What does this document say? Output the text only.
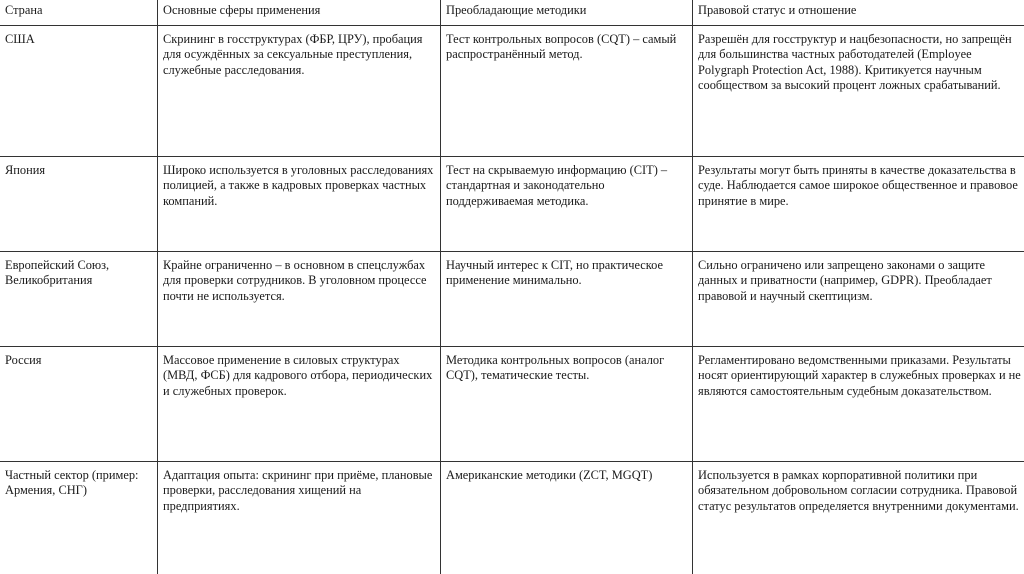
Страна	Основные сферы применения	Преобладающие методики	Правовой статус и отношение
США	Скрининг в госструктурах (ФБР, ЦРУ), пробация для осуждённых за сексуальные преступления, служебные расследования.	Тест контрольных вопросов (CQT) – самый распространённый метод.	Разрешён для госструктур и нацбезопасности, но запрещён для большинства частных работодателей (Employee Polygraph Protection Act, 1988). Критикуется научным сообществом за высокий процент ложных срабатываний.
Япония	Широко используется в уголовных расследованиях полицией, а также в кадровых проверках частных компаний.	Тест на скрываемую информацию (CIT) – стандартная и законодательно поддерживаемая методика.	Результаты могут быть приняты в качестве доказательства в суде. Наблюдается самое широкое общественное и правовое принятие в мире.
Европейский Союз, Великобритания	Крайне ограниченно – в основном в спецслужбах для проверки сотрудников. В уголовном процессе почти не используется.	Научный интерес к CIT, но практическое применение минимально.	Сильно ограничено или запрещено законами о защите данных и приватности (например, GDPR). Преобладает правовой и научный скептицизм.
Россия	Массовое применение в силовых структурах (МВД, ФСБ) для кадрового отбора, периодических и служебных проверок.	Методика контрольных вопросов (аналог CQT), тематические тесты.	Регламентировано ведомственными приказами. Результаты носят ориентирующий характер в служебных проверках и не являются самостоятельным судебным доказательством.
Частный сектор (пример: Армения, СНГ)	Адаптация опыта: скрининг при приёме, плановые проверки, расследования хищений на предприятиях.	Американские методики (ZCT, MGQT)	Используется в рамках корпоративной политики при обязательном добровольном согласии сотрудника. Правовой статус результатов определяется внутренними документами.
